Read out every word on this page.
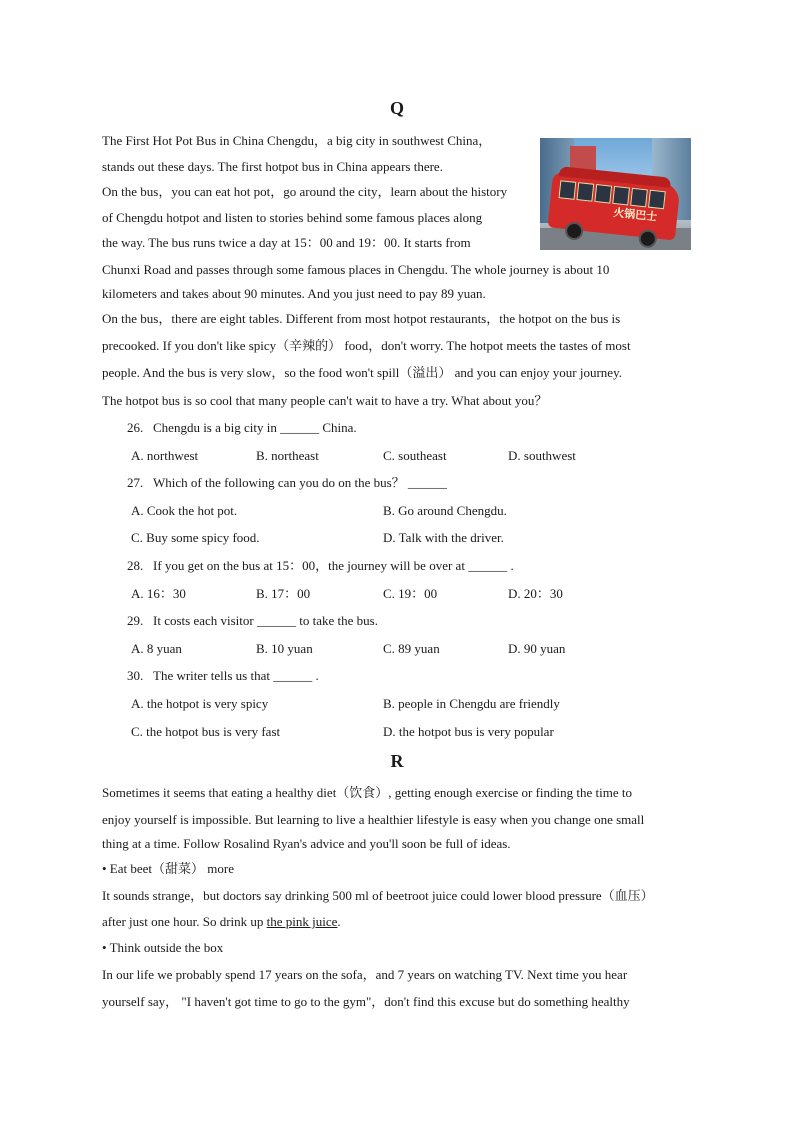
Q
火锅巴士
The First Hot Pot Bus in China Chengdu，a big city in southwest China，
stands out these days. The first hotpot bus in China appears there.
On the bus，you can eat hot pot，go around the city，learn about the history
of Chengdu hotpot and listen to stories behind some famous places along
the way. The bus runs twice a day at 15：00 and 19：00. It starts from
Chunxi Road and passes through some famous places in Chengdu. The whole journey is about 10
kilometers and takes about 90 minutes. And you just need to pay 89 yuan.
On the bus，there are eight tables. Different from most hotpot restaurants，the hotpot on the bus is
precooked. If you don't like spicy（辛辣的） food，don't worry. The hotpot meets the tastes of most
people. And the bus is very slow，so the food won't spill（溢出） and you can enjoy your journey.
The hotpot bus is so cool that many people can't wait to have a try. What about you？
26. Chengdu is a big city in ______ China.
A. northwest	B. northeast	C. southeast	D. southwest
27. Which of the following can you do on the bus？ ______
A. Cook the hot pot.	B. Go around Chengdu.
C. Buy some spicy food.	D. Talk with the driver.
28. If you get on the bus at 15：00，the journey will be over at ______ .
A. 16：30	B. 17：00	C. 19：00	D. 20：30
29. It costs each visitor ______ to take the bus.
A. 8 yuan	B. 10 yuan	C. 89 yuan	D. 90 yuan
30. The writer tells us that ______ .
A. the hotpot is very spicy	B. people in Chengdu are friendly
C. the hotpot bus is very fast	D. the hotpot bus is very popular
R
Sometimes it seems that eating a healthy diet（饮食）, getting enough exercise or finding the time to
enjoy yourself is impossible. But learning to live a healthier lifestyle is easy when you change one small
thing at a time. Follow Rosalind Ryan's advice and you'll soon be full of ideas.
• Eat beet（甜菜） more
It sounds strange，but doctors say drinking 500 ml of beetroot juice could lower blood pressure（血压）
after just one hour. So drink up the pink juice.
• Think outside the box
In our life we probably spend 17 years on the sofa，and 7 years on watching TV. Next time you hear
yourself say， "I haven't got time to go to the gym"，don't find this excuse but do something healthy
